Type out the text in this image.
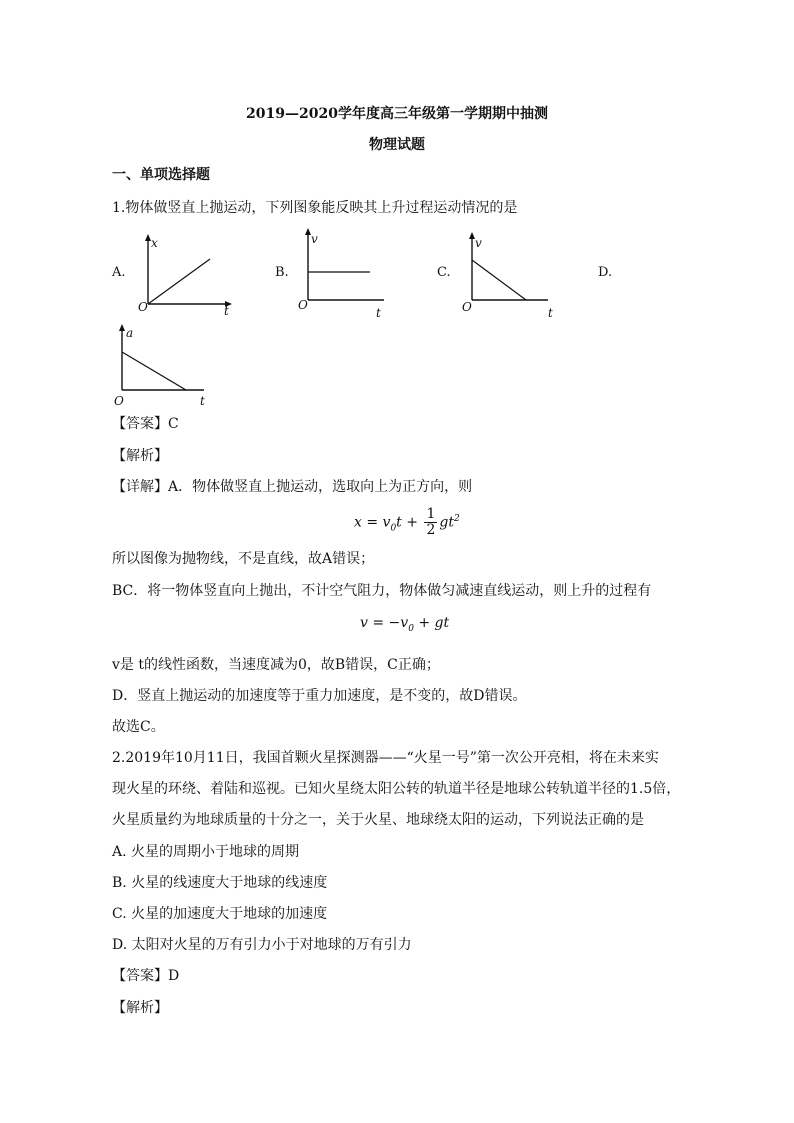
2019—2020学年度高三年级第一学期期中抽测
物理试题
一、单项选择题
1.物体做竖直上抛运动，下列图象能反映其上升过程运动情况的是
A.
x
t
O
B.
v
t
O
C.
v
t
O
D.
a
t
O
【答案】C
【解析】
【详解】A．物体做竖直上抛运动，选取向上为正方向，则
$x = v_0t + \frac{1}{2} gt^2$
所以图像为抛物线，不是直线，故A错误；
BC．将一物体竖直向上抛出，不计空气阻力，物体做匀减速直线运动，则上升的过程有
$v = -v_0$ + gt
v是 t的线性函数，当速度减为0，故B错误，C正确；
D．竖直上抛运动的加速度等于重力加速度，是不变的，故D错误。
故选C。
2.2019年10月11日，我国首颗火星探测器——“火星一号”第一次公开亮相，将在未来实
现火星的环绕、着陆和巡视。已知火星绕太阳公转的轨道半径是地球公转轨道半径的1.5倍，
火星质量约为地球质量的十分之一，关于火星、地球绕太阳的运动，下列说法正确的是
A. 火星的周期小于地球的周期
B. 火星的线速度大于地球的线速度
C. 火星的加速度大于地球的加速度
D. 太阳对火星的万有引力小于对地球的万有引力
【答案】D
【解析】
